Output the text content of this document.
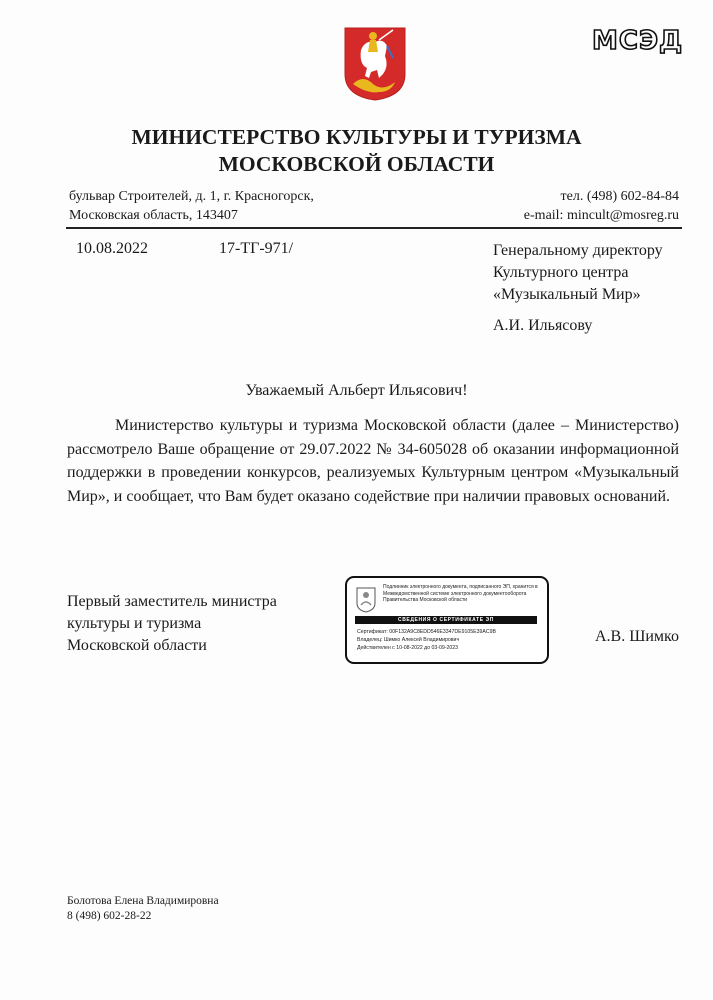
МСЭД
МИНИСТЕРСТВО КУЛЬТУРЫ И ТУРИЗМА
МОСКОВСКОЙ ОБЛАСТИ
бульвар Строителей, д. 1, г. Красногорск,
Московская область, 143407
тел. (498) 602-84-84
e-mail: mincult@mosreg.ru
10.08.2022	17-ТГ-971/	Генеральному директору
Культурного центра
«Музыкальный Мир»
А.И. Ильясову
Уважаемый Альберт Ильясович!
Министерство культуры и туризма Московской области (далее – Министерство) рассмотрело Ваше обращение от 29.07.2022 № 34-605028 об оказании информационной поддержки в проведении конкурсов, реализуемых Культурным центром «Музыкальный Мир», и сообщает, что Вам будет оказано содействие при наличии правовых оснований.
Первый заместитель министра
культуры и туризма
Московской области
Подлинник электронного документа, подписанного ЭП, хранится в Межведомственной системе электронного документооборота Правительства Московской области
СВЕДЕНИЯ О СЕРТИФИКАТЕ ЭП
Сертификат: 00F132A9C8EDD546E3347DE9105E39AC9B
Владелец: Шимко Алексей Владимирович
Действителен с 10-08-2022 до 03-09-2023
А.В. Шимко
Болотова Елена Владимировна
8 (498) 602-28-22
